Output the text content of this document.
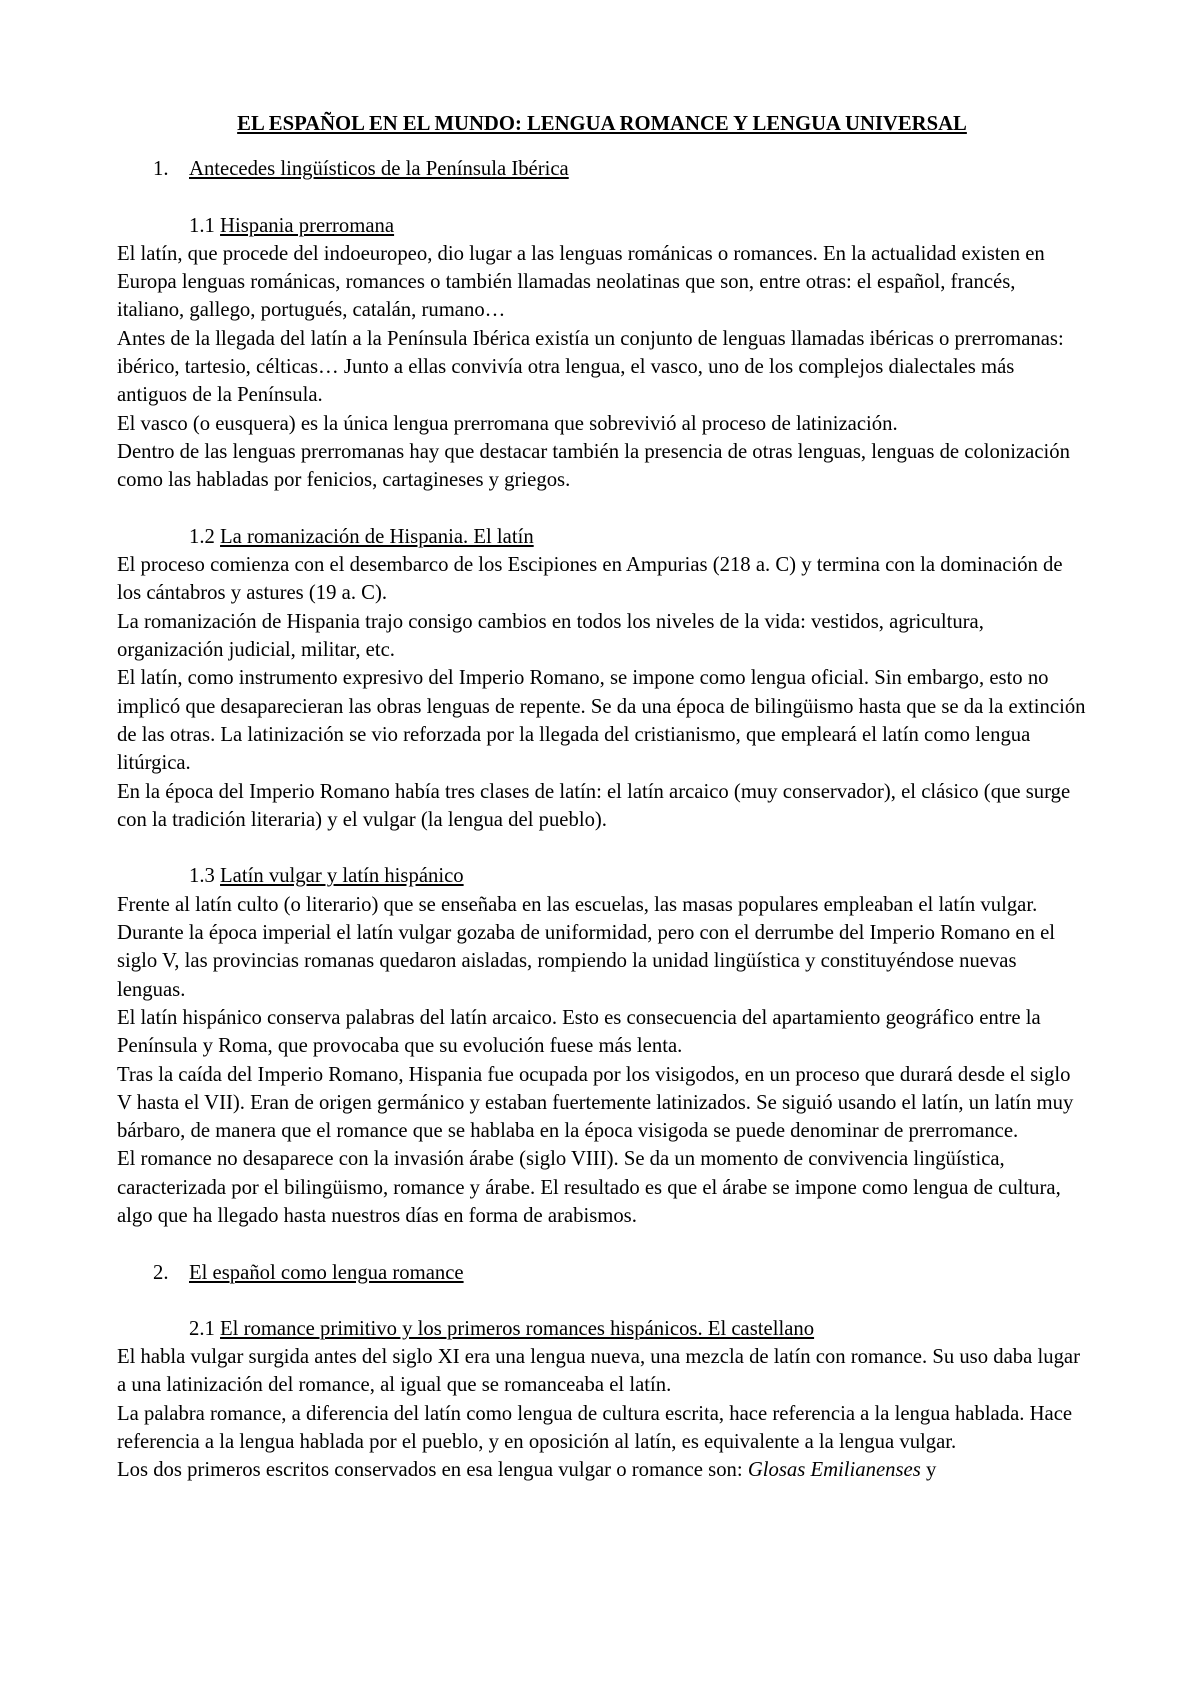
EL ESPAÑOL EN EL MUNDO: LENGUA ROMANCE Y LENGUA UNIVERSAL

1. Antecedes lingüísticos de la Península Ibérica

1.1 Hispania prerromana

El latín, que procede del indoeuropeo, dio lugar a las lenguas románicas o romances. En la actualidad existen en Europa lenguas románicas, romances o también llamadas neolatinas que son, entre otras: el español, francés, italiano, gallego, portugués, catalán, rumano…

Antes de la llegada del latín a la Península Ibérica existía un conjunto de lenguas llamadas ibéricas o prerromanas: ibérico, tartesio, célticas… Junto a ellas convivía otra lengua, el vasco, uno de los complejos dialectales más antiguos de la Península.

El vasco (o eusquera) es la única lengua prerromana que sobrevivió al proceso de latinización.

Dentro de las lenguas prerromanas hay que destacar también la presencia de otras lenguas, lenguas de colonización como las habladas por fenicios, cartagineses y griegos.

1.2 La romanización de Hispania. El latín

El proceso comienza con el desembarco de los Escipiones en Ampurias (218 a. C) y termina con la dominación de los cántabros y astures (19 a. C).

La romanización de Hispania trajo consigo cambios en todos los niveles de la vida: vestidos, agricultura, organización judicial, militar, etc.

El latín, como instrumento expresivo del Imperio Romano, se impone como lengua oficial. Sin embargo, esto no implicó que desaparecieran las obras lenguas de repente. Se da una época de bilingüismo hasta que se da la extinción de las otras. La latinización se vio reforzada por la llegada del cristianismo, que empleará el latín como lengua litúrgica.

En la época del Imperio Romano había tres clases de latín: el latín arcaico (muy conservador), el clásico (que surge con la tradición literaria) y el vulgar (la lengua del pueblo).

1.3 Latín vulgar y latín hispánico

Frente al latín culto (o literario) que se enseñaba en las escuelas, las masas populares empleaban el latín vulgar.

Durante la época imperial el latín vulgar gozaba de uniformidad, pero con el derrumbe del Imperio Romano en el siglo V, las provincias romanas quedaron aisladas, rompiendo la unidad lingüística y constituyéndose nuevas lenguas.

El latín hispánico conserva palabras del latín arcaico. Esto es consecuencia del apartamiento geográfico entre la Península y Roma, que provocaba que su evolución fuese más lenta.

Tras la caída del Imperio Romano, Hispania fue ocupada por los visigodos, en un proceso que durará desde el siglo V hasta el VII). Eran de origen germánico y estaban fuertemente latinizados. Se siguió usando el latín, un latín muy bárbaro, de manera que el romance que se hablaba en la época visigoda se puede denominar de prerromance.

El romance no desaparece con la invasión árabe (siglo VIII). Se da un momento de convivencia lingüística, caracterizada por el bilingüismo, romance y árabe. El resultado es que el árabe se impone como lengua de cultura, algo que ha llegado hasta nuestros días en forma de arabismos.

2. El español como lengua romance

2.1 El romance primitivo y los primeros romances hispánicos. El castellano

El habla vulgar surgida antes del siglo XI era una lengua nueva, una mezcla de latín con romance. Su uso daba lugar a una latinización del romance, al igual que se romanceaba el latín.

La palabra romance, a diferencia del latín como lengua de cultura escrita, hace referencia a la lengua hablada. Hace referencia a la lengua hablada por el pueblo, y en oposición al latín, es equivalente a la lengua vulgar.

Los dos primeros escritos conservados en esa lengua vulgar o romance son: Glosas Emilianenses y
